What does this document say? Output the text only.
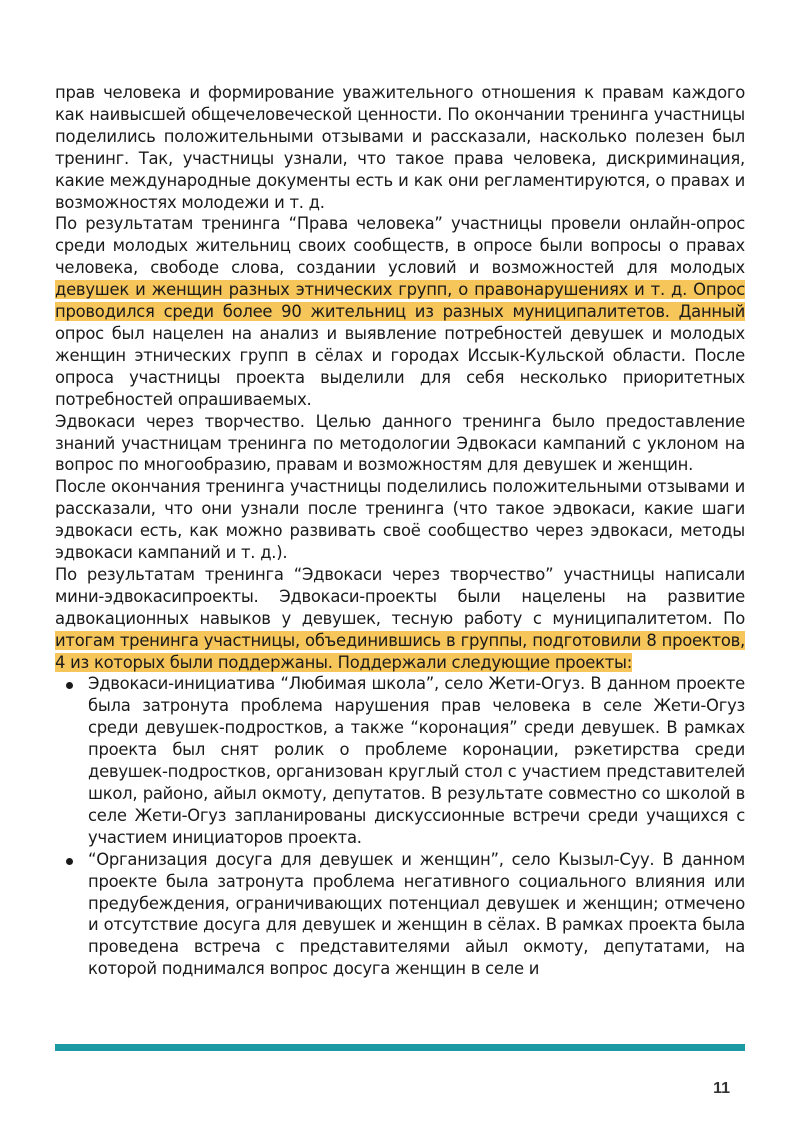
прав человека и формирование уважительного отношения к правам каждого как наивысшей общечеловеческой ценности. По окончании тренинга участницы поделились положительными отзывами и рассказали, насколько полезен был тренинг. Так, участницы узнали, что такое права человека, дискриминация, какие международные документы есть и как они регламентируются, о правах и возможностях молодежи и т. д.

По результатам тренинга “Права человека” участницы провели онлайн-опрос среди молодых жительниц своих сообществ, в опросе были вопросы о правах человека, свободе слова, создании условий и возможностей для молодых девушек и женщин разных этнических групп, о правонарушениях и т. д. Опрос проводился среди более 90 жительниц из разных муниципалитетов. Данный опрос был нацелен на анализ и выявление потребностей девушек и молодых женщин этнических групп в сёлах и городах Иссык-Кульской области. После опроса участницы проекта выделили для себя несколько приоритетных потребностей опрашиваемых.

Эдвокаси через творчество. Целью данного тренинга было предоставление знаний участницам тренинга по методологии Эдвокаси кампаний с уклоном на вопрос по многообразию, правам и возможностям для девушек и женщин.

После окончания тренинга участницы поделились положительными отзывами и рассказали, что они узнали после тренинга (что такое эдвокаси, какие шаги эдвокаси есть, как можно развивать своё сообщество через эдвокаси, методы эдвокаси кампаний и т. д.).

По результатам тренинга “Эдвокаси через творчество” участницы написали мини-эдвокасипроекты. Эдвокаси-проекты были нацелены на развитие адвокационных навыков у девушек, тесную работу с муниципалитетом. По итогам тренинга участницы, объединившись в группы, подготовили 8 проектов, 4 из которых были поддержаны. Поддержали следующие проекты:

Эдвокаси-инициатива “Любимая школа”, село Жети-Огуз. В данном проекте была затронута проблема нарушения прав человека в селе Жети-Огуз среди девушек-подростков, а также “коронация” среди девушек. В рамках проекта был снят ролик о проблеме коронации, рэкетирства среди девушек-подростков, организован круглый стол с участием представителей школ, районо, айыл окмоту, депутатов. В результате совместно со школой в селе Жети-Огуз запланированы дискуссионные встречи среди учащихся с участием инициаторов проекта.
“Организация досуга для девушек и женщин”, село Кызыл-Суу. В данном проекте была затронута проблема негативного социального влияния или предубеждения, ограничивающих потенциал девушек и женщин; отмечено и отсутствие досуга для девушек и женщин в сёлах. В рамках проекта была проведена встреча с представителями айыл окмоту, депутатами, на которой поднимался вопрос досуга женщин в селе и
11
